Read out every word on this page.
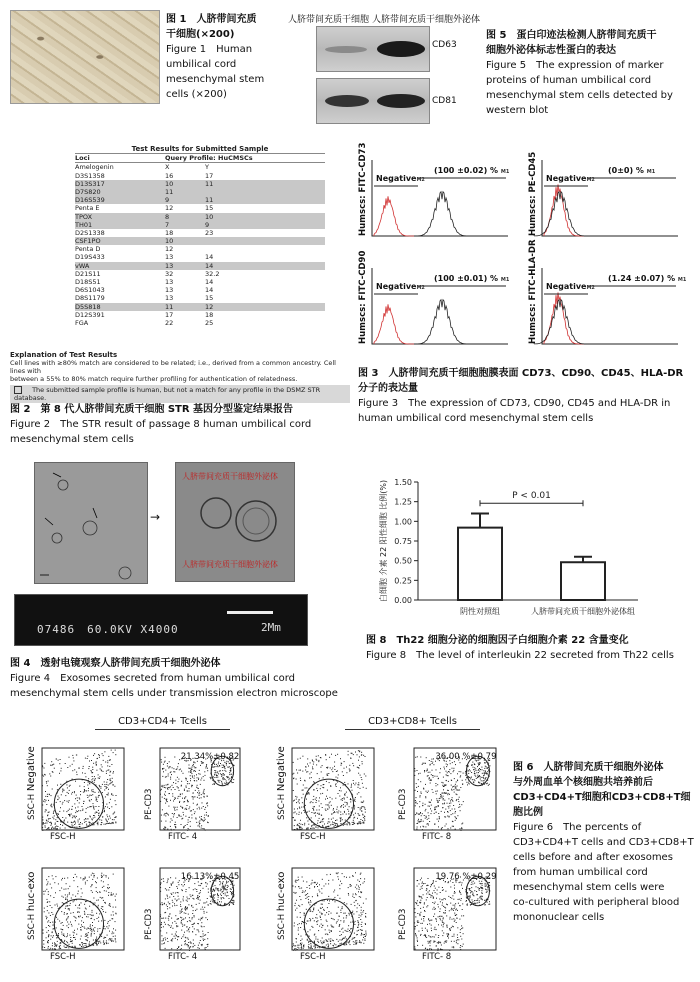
图 1　人脐带间充质
干细胞(×200)
Figure 1　Human
umbilical cord
mesenchymal stem
cells (×200)
人脐带间充质干细胞 人脐带间充质干细胞外泌体
CD63
CD81
图 5　蛋白印迹法检测人脐带间充质干
细胞外泌体标志性蛋白的表达
Figure 5　The expression of marker
proteins of human umbilical cord
mesenchymal stem cells detected by
western blot
Test Results for Submitted Sample
Loci	Query Profile: HuCMSCs
Amelogenin	X	Y
D3S1358	16	17
D13S317	10	11
D7S820	11
D16S539	9	11
Penta E	12	15
TPOX	8	10
TH01	7	9
D2S1338	18	23
CSF1PO	10
Penta D	12
D19S433	13	14
vWA	13	14
D21S11	32	32.2
D18S51	13	14
D6S1043	13	14
D8S1179	13	15
D5S818	11	12
D12S391	17	18
FGA	22	25
Explanation of Test Results
Cell lines with ≥80% match are considered to be related; i.e., derived from a common ancestry. Cell lines with
between a 55% to 80% match require further profiling for authentication of relatedness.
The submitted sample profile is human, but not a match for any profile in the DSMZ STR database.
图 2　第 8 代人脐带间充质干细胞 STR 基因分型鉴定结果报告
Figure 2　The STR result of passage 8 human umbilical cord
mesenchymal stem cells
Humscs: FITC-CD73 NegativeM2
(100 ±0.02) % M1 Humscs: PE-CD45 NegativeM2
(0±0) % M1
Humscs: FITC-CD90 NegativeM2
(100 ±0.01) % M1 Humscs: FITC-HLA-DR NegativeM2
(1.24 ±0.07) % M1
图 3　人脐带间充质干细胞胞膜表面 CD73、CD90、CD45、HLA-DR
分子的表达量
Figure 3　The expression of CD73, CD90, CD45 and HLA-DR in
human umbilical cord mesenchymal stem cells
→
人脐带间充质干细胞外泌体
人脐带间充质干细胞外泌体
07486　60.0KV X4000	2Mm
图 4　透射电镜观察人脐带间充质干细胞外泌体
Figure 4　Exosomes secreted from human umbilical cord
mesenchymal stem cells under transmission electron microscope
0.00
0.25
0.50
0.75
1.00
1.25
1.50
白细胞 介素 22 阳性细胞 比例(%)
阴性对照组	人脐带间充质干细胞外泌体组
P < 0.01
图 8　Th22 细胞分泌的细胞因子白细胞介素 22 含量变化
Figure 8　The level of interleukin 22 secreted from Th22 cells
CD3+CD4+ Tcells	CD3+CD8+ Tcells
FSC-H
SSC-H Negative
FITC- 4
PE-CD3
21.34%±0.82
FSC-H
SSC-H Negative
FITC- 8
PE-CD3
36.00 %±0.79
FSC-H
SSC-H huc-exo
FITC- 4
PE-CD3
16.13%±0.45
FSC-H
SSC-H huc-exo
FITC- 8
PE-CD3
19.76 %±0.29
图 6　人脐带间充质干细胞外泌体
与外周血单个核细胞共培养前后
CD3+CD4+T细胞和CD3+CD8+T细
胞比例
Figure 6　The percents of
CD3+CD4+T cells and CD3+CD8+T
cells before and after exosomes
from human umbilical cord
mesenchymal stem cells were
co-cultured with peripheral blood
mononuclear cells
